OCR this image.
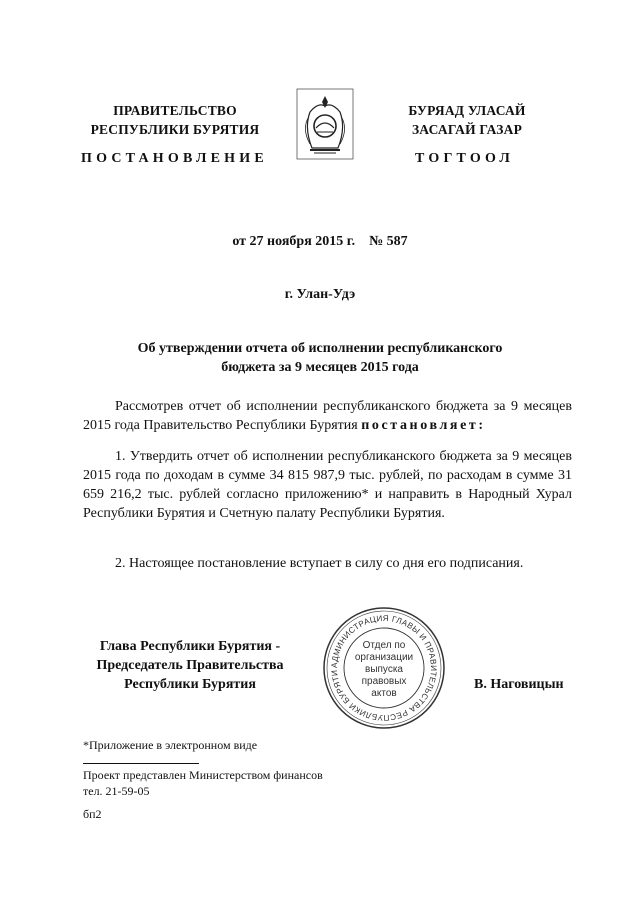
ПРАВИТЕЛЬСТВО
РЕСПУБЛИКИ БУРЯТИЯ
БУРЯАД УЛАСАЙ
ЗАСАГАЙ ГАЗАР
ПОСТАНОВЛЕНИЕ	ТОГТООЛ
от 27 ноября 2015 г.    № 587
г. Улан-Удэ
Об утверждении отчета об исполнении республиканского
бюджета за 9 месяцев 2015 года
Рассмотрев отчет об исполнении республиканского бюджета за 9 месяцев 2015 года Правительство Республики Бурятия постановляет:
1. Утвердить отчет об исполнении республиканского бюджета за 9 месяцев 2015 года по доходам в сумме 34 815 987,9 тыс. рублей, по расходам в сумме 31 659 216,2 тыс. рублей согласно приложению* и направить в Народный Хурал Республики Бурятия и Счетную палату Республики Бурятия.
2. Настоящее постановление вступает в силу со дня его подписания.
Глава Республики Бурятия -
Председатель Правительства
Республики Бурятия	В. Наговицын
АДМИНИСТРАЦИЯ ГЛАВЫ И ПРАВИТЕЛЬСТВА РЕСПУБЛИКИ БУРЯТИ
Отдел по
организации
выпуска
правовых
актов
*Приложение в электронном виде
Проект представлен Министерством финансов
тел. 21-59-05
бп2
